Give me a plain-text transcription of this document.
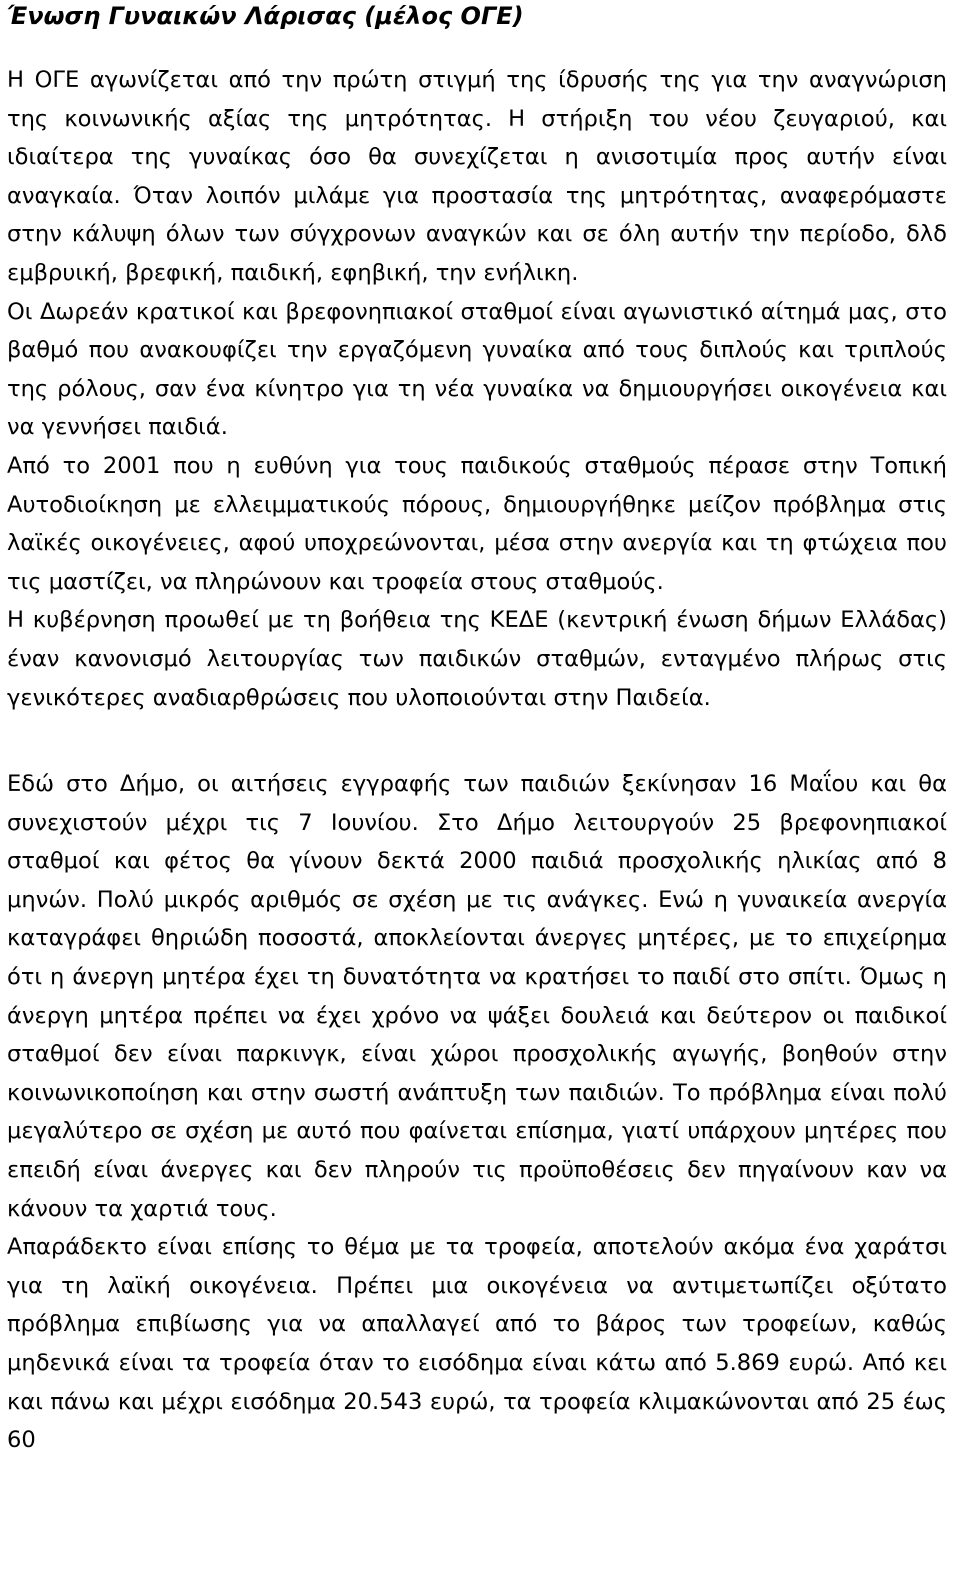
Ένωση Γυναικών Λάρισας (μέλος ΟΓΕ)

Η ΟΓΕ αγωνίζεται από την πρώτη στιγμή της ίδρυσής της για την αναγνώριση της κοινωνικής αξίας της μητρότητας. Η στήριξη του νέου ζευγαριού, και ιδιαίτερα της γυναίκας όσο θα συνεχίζεται η ανισοτιμία προς αυτήν είναι αναγκαία. Όταν λοιπόν μιλάμε για προστασία της μητρότητας, αναφερόμαστε στην κάλυψη όλων των σύγχρονων αναγκών και σε όλη αυτήν την περίοδο, δλδ εμβρυική, βρεφική, παιδική, εφηβική, την ενήλικη.

Οι Δωρεάν κρατικοί και βρεφονηπιακοί σταθμοί είναι αγωνιστικό αίτημά μας, στο βαθμό που ανακουφίζει την εργαζόμενη γυναίκα από τους διπλούς και τριπλούς της ρόλους, σαν ένα κίνητρο για τη νέα γυναίκα να δημιουργήσει οικογένεια και να γεννήσει παιδιά.

Από το 2001 που η ευθύνη για τους παιδικούς σταθμούς πέρασε στην Τοπική Αυτοδιοίκηση με ελλειμματικούς πόρους, δημιουργήθηκε μείζον πρόβλημα στις λαϊκές οικογένειες, αφού υποχρεώνονται, μέσα στην ανεργία και τη φτώχεια που τις μαστίζει, να πληρώνουν και τροφεία στους σταθμούς.

Η κυβέρνηση προωθεί με τη βοήθεια της ΚΕΔΕ (κεντρική ένωση δήμων Ελλάδας) έναν κανονισμό λειτουργίας των παιδικών σταθμών, ενταγμένο πλήρως στις γενικότερες αναδιαρθρώσεις που υλοποιούνται στην Παιδεία.

Εδώ στο Δήμο, οι αιτήσεις εγγραφής των παιδιών ξεκίνησαν 16 Μαΐου και θα συνεχιστούν μέχρι τις 7 Ιουνίου. Στο Δήμο λειτουργούν 25 βρεφονηπιακοί σταθμοί και φέτος θα γίνουν δεκτά 2000 παιδιά προσχολικής ηλικίας από 8 μηνών. Πολύ μικρός αριθμός σε σχέση με τις ανάγκες. Ενώ η γυναικεία ανεργία καταγράφει θηριώδη ποσοστά, αποκλείονται άνεργες μητέρες, με το επιχείρημα ότι η άνεργη μητέρα έχει τη δυνατότητα να κρατήσει το παιδί στο σπίτι. Όμως η άνεργη μητέρα πρέπει να έχει χρόνο να ψάξει δουλειά και δεύτερον οι παιδικοί σταθμοί δεν είναι παρκινγκ, είναι χώροι προσχολικής αγωγής, βοηθούν στην κοινωνικοποίηση και στην σωστή ανάπτυξη των παιδιών. Το πρόβλημα είναι πολύ μεγαλύτερο σε σχέση με αυτό που φαίνεται επίσημα, γιατί υπάρχουν μητέρες που επειδή είναι άνεργες και δεν πληρούν τις προϋποθέσεις δεν πηγαίνουν καν να κάνουν τα χαρτιά τους.

Απαράδεκτο είναι επίσης το θέμα με τα τροφεία, αποτελούν ακόμα ένα χαράτσι για τη λαϊκή οικογένεια. Πρέπει μια οικογένεια να αντιμετωπίζει οξύτατο πρόβλημα επιβίωσης για να απαλλαγεί από το βάρος των τροφείων, καθώς μηδενικά είναι τα τροφεία όταν το εισόδημα είναι κάτω από 5.869 ευρώ. Από κει και πάνω και μέχρι εισόδημα 20.543 ευρώ, τα τροφεία κλιμακώνονται από 25 έως 60
